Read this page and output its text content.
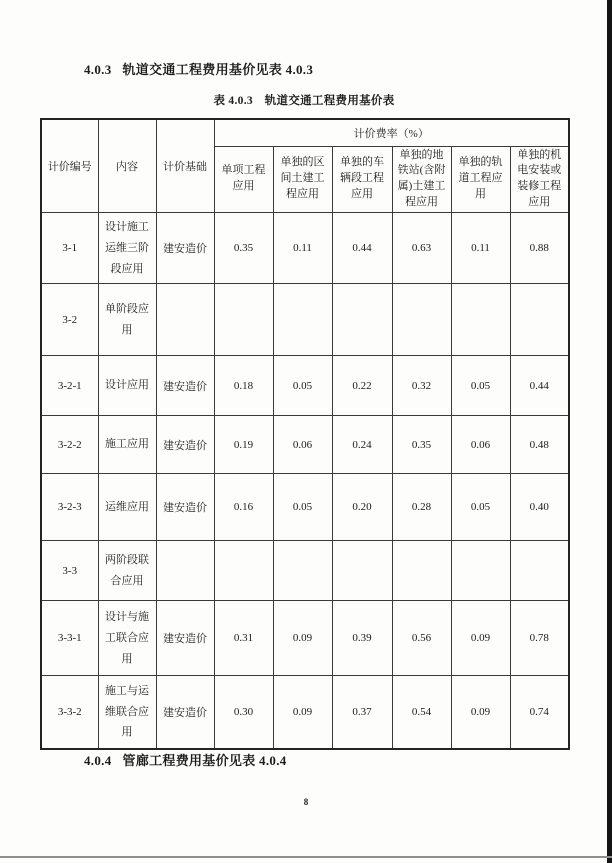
4.0.3 轨道交通工程费用基价见表 4.0.3
表 4.0.3　轨道交通工程费用基价表
计价编号	内容	计价基础	计价费率（%）					
			单项工程应用	单独的区间土建工程应用	单独的车辆段工程应用	单独的地铁站(含附属)土建工程应用	单独的轨道工程应用	单独的机电安装或装修工程应用
3-1	设计施工运维三阶段应用	建安造价	0.35	0.11	0.44	0.63	0.11	0.88
3-2	单阶段应用							
3-2-1	设计应用	建安造价	0.18	0.05	0.22	0.32	0.05	0.44
3-2-2	施工应用	建安造价	0.19	0.06	0.24	0.35	0.06	0.48
3-2-3	运维应用	建安造价	0.16	0.05	0.20	0.28	0.05	0.40
3-3	两阶段联合应用							
3-3-1	设计与施工联合应用	建安造价	0.31	0.09	0.39	0.56	0.09	0.78
3-3-2	施工与运维联合应用	建安造价	0.30	0.09	0.37	0.54	0.09	0.74
4.0.4 管廊工程费用基价见表 4.0.4
8
